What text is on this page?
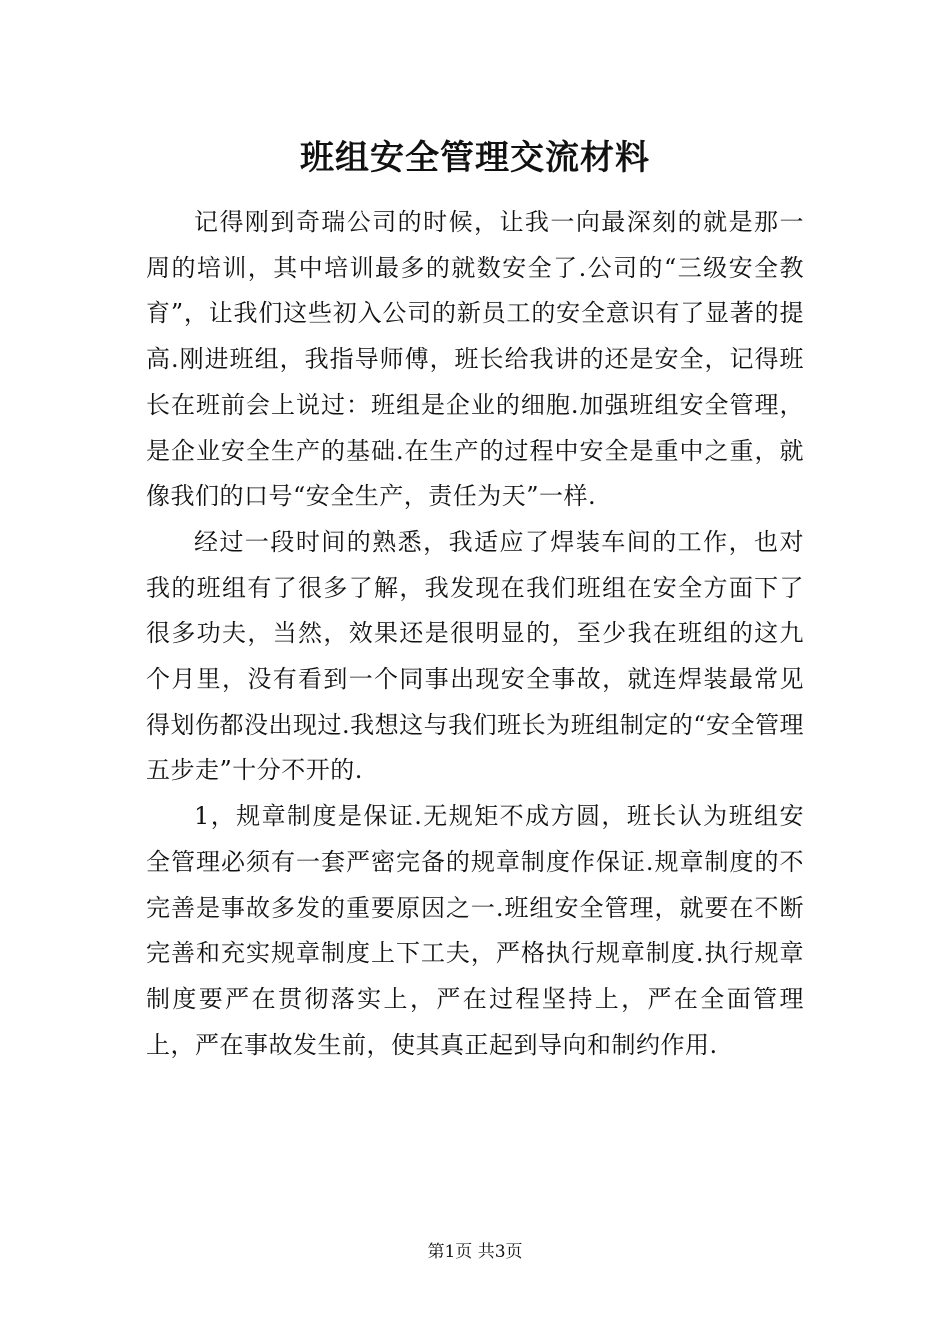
班组安全管理交流材料

记得刚到奇瑞公司的时候，让我一向最深刻的就是那一周的培训，其中培训最多的就数安全了.公司的“三级安全教育”，让我们这些初入公司的新员工的安全意识有了显著的提高.刚进班组，我指导师傅，班长给我讲的还是安全，记得班长在班前会上说过：班组是企业的细胞.加强班组安全管理，是企业安全生产的基础.在生产的过程中安全是重中之重，就像我们的口号“安全生产，责任为天”一样.

经过一段时间的熟悉，我适应了焊装车间的工作，也对我的班组有了很多了解，我发现在我们班组在安全方面下了很多功夫，当然，效果还是很明显的，至少我在班组的这九个月里，没有看到一个同事出现安全事故，就连焊装最常见得划伤都没出现过.我想这与我们班长为班组制定的“安全管理五步走”十分不开的.

1，规章制度是保证.无规矩不成方圆，班长认为班组安全管理必须有一套严密完备的规章制度作保证.规章制度的不完善是事故多发的重要原因之一.班组安全管理，就要在不断完善和充实规章制度上下工夫，严格执行规章制度.执行规章制度要严在贯彻落实上，严在过程坚持上，严在全面管理上，严在事故发生前，使其真正起到导向和制约作用.

第1页 共3页
